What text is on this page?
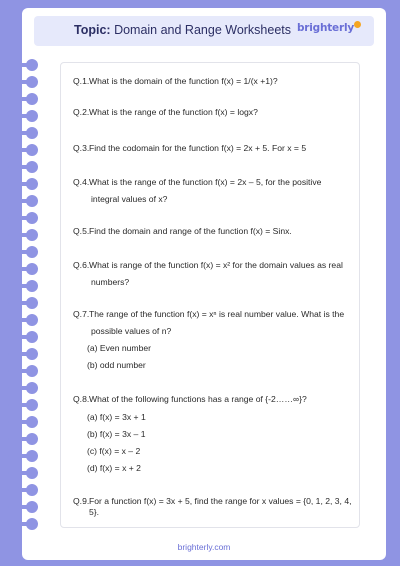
Topic: Domain and Range Worksheets brighterly
Q.1. What is the domain of the function f(x) = 1/(x +1)?
Q.2. What is the range of the function f(x) = logx?
Q.3. Find the codomain for the function f(x) = 2x + 5. For x = 5
Q.4. What is the range of the function f(x) = 2x – 5, for the positive
integral values of x?
Q.5. Find the domain and range of the function f(x) = Sinx.
Q.6. What is range of the function f(x) = x² for the domain values as real
numbers?
Q.7. The range of the function f(x) = xⁿ is real number value. What is the
possible values of n?
(a) Even number
(b) odd number
Q.8. What of the following functions has a range of {-2……∞}?
(a) f(x) = 3x + 1
(b) f(x) = 3x – 1
(c) f(x) = x – 2
(d) f(x) = x + 2
Q.9. For a function f(x) = 3x + 5, find the range for x values = {0, 1, 2, 3, 4, 5}.
brighterly.com
